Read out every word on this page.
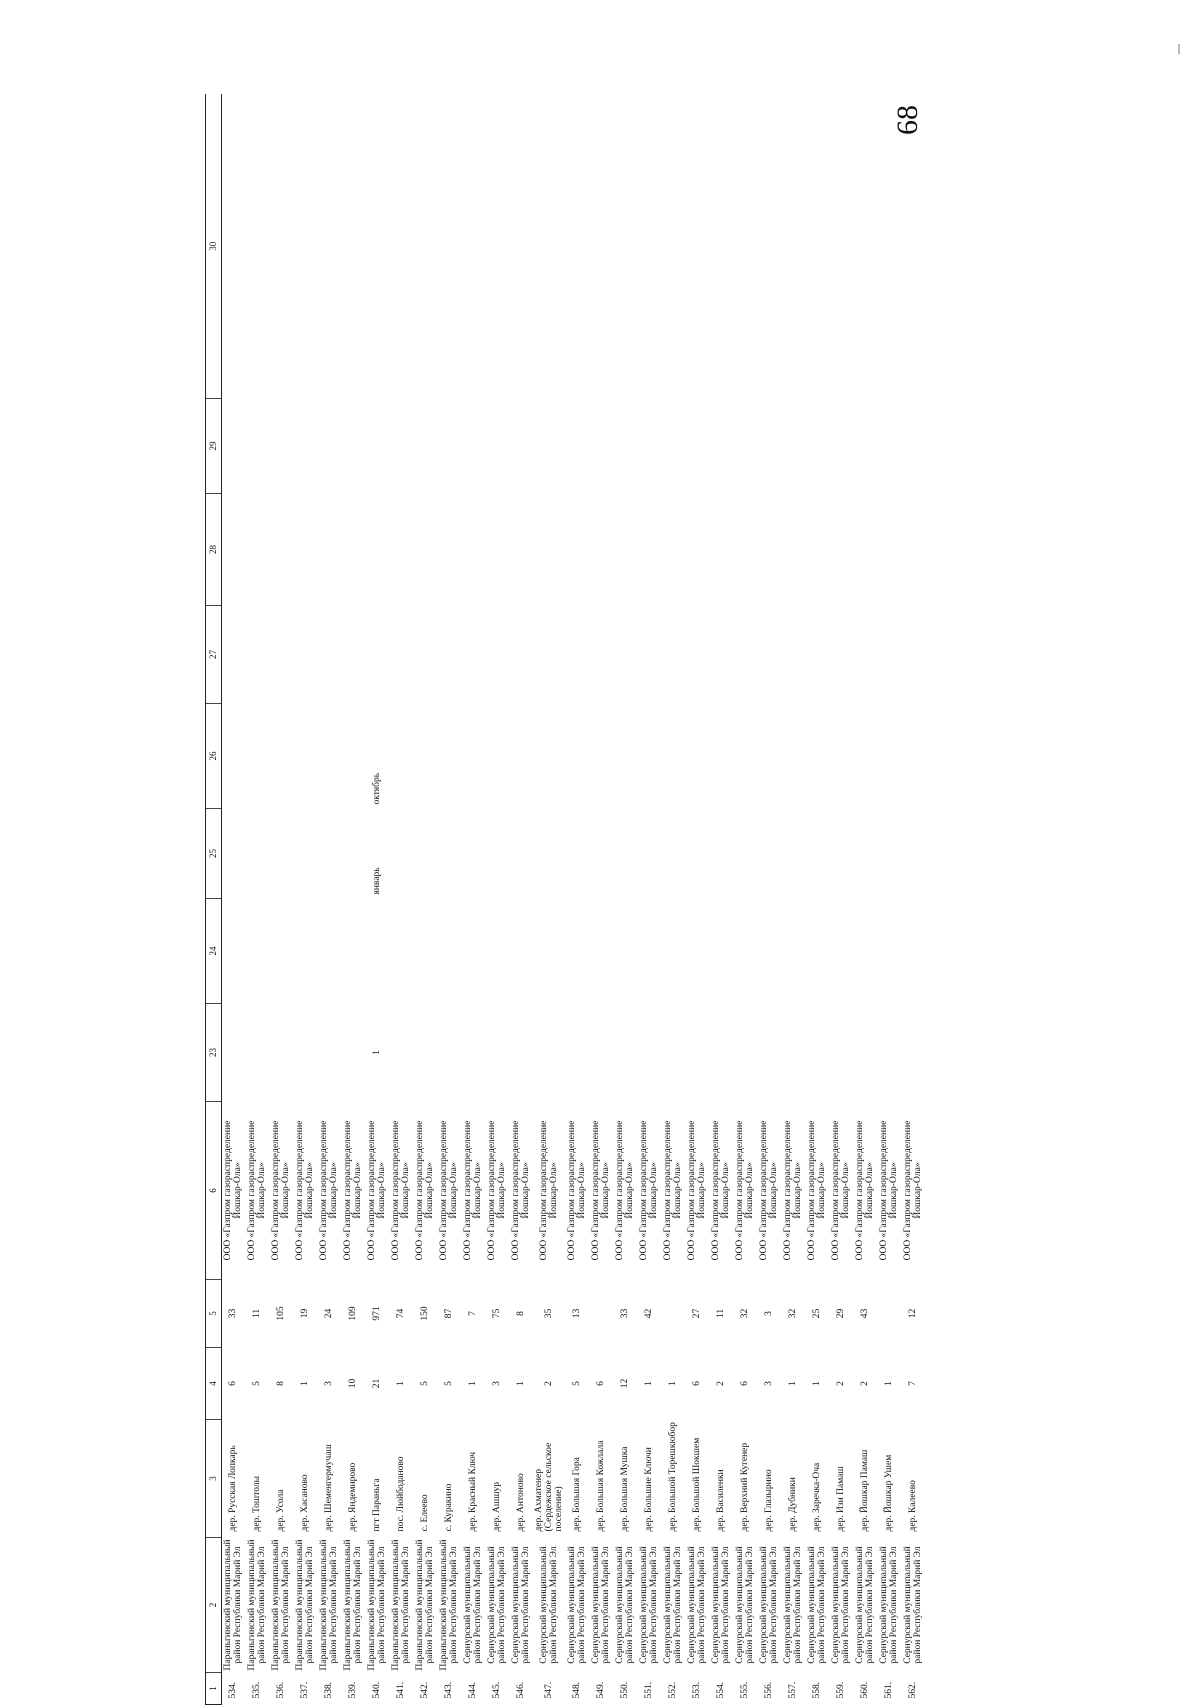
68
1	2	3	4	5	6	23	24	25	26	27	28	29	30
534.	Параньгинский муниципальный район Республики Марий Эл	дер. Русская Лопкарь	6	33	ООО «Газпром газораспределение Йошкар-Ола»								
535.	Параньгинский муниципальный район Республики Марий Эл	дер. Тоштолы	5	11	ООО «Газпром газораспределение Йошкар-Ола»								
536.	Параньгинский муниципальный район Республики Марий Эл	дер. Усола	8	105	ООО «Газпром газораспределение Йошкар-Ола»								
537.	Параньгинский муниципальный район Республики Марий Эл	дер. Хасаново	1	19	ООО «Газпром газораспределение Йошкар-Ола»								
538.	Параньгинский муниципальный район Республики Марий Эл	дер. Шеменгермучаш	3	24	ООО «Газпром газораспределение Йошкар-Ола»								
539.	Параньгинский муниципальный район Республики Марий Эл	дер. Яндемирово	10	109	ООО «Газпром газораспределение Йошкар-Ола»								
540.	Параньгинский муниципальный район Республики Марий Эл	пгт Параньга	21	971	ООО «Газпром газораспределение Йошкар-Ола»	1		январь	октябрь				
541.	Параньгинский муниципальный район Республики Марий Эл	пос. Люйбоданово	1	74	ООО «Газпром газораспределение Йошкар-Ола»								
542.	Параньгинский муниципальный район Республики Марий Эл	с. Елеево	5	150	ООО «Газпром газораспределение Йошкар-Ола»								
543.	Параньгинский муниципальный район Республики Марий Эл	с. Куракино	5	87	ООО «Газпром газораспределение Йошкар-Ола»								
544.	Сернурский муниципальный район Республики Марий Эл	дер. Красный Ключ	1	7	ООО «Газпром газораспределение Йошкар-Ола»								
545.	Сернурский муниципальный район Республики Марий Эл	дер. Ашшур	3	75	ООО «Газпром газораспределение Йошкар-Ола»								
546.	Сернурский муниципальный район Республики Марий Эл	дер. Антоново	1	8	ООО «Газпром газораспределение Йошкар-Ола»								
547.	Сернурский муниципальный район Республики Марий Эл	дер. Ахматенер (Сердежское сельское поселение)	2	35	ООО «Газпром газораспределение Йошкар-Ола»								
548.	Сернурский муниципальный район Республики Марий Эл	дер. Большая Гора	5	13	ООО «Газпром газораспределение Йошкар-Ола»								
549.	Сернурский муниципальный район Республики Марий Эл	дер. Большая Кожлала	6		ООО «Газпром газораспределение Йошкар-Ола»								
550.	Сернурский муниципальный район Республики Марий Эл	дер. Большая Мушка	12	33	ООО «Газпром газораспределение Йошкар-Ола»								
551.	Сернурский муниципальный район Республики Марий Эл	дер. Большие Ключи	1	42	ООО «Газпром газораспределение Йошкар-Ола»								
552.	Сернурский муниципальный район Республики Марий Эл	дер. Большой Торешкюбор	1		ООО «Газпром газораспределение Йошкар-Ола»								
553.	Сернурский муниципальный район Республики Марий Эл	дер. Большой Шокшем	6	27	ООО «Газпром газораспределение Йошкар-Ола»								
554.	Сернурский муниципальный район Республики Марий Эл	дер. Василенки	2	11	ООО «Газпром газораспределение Йошкар-Ола»								
555.	Сернурский муниципальный район Республики Марий Эл	дер. Верхний Кугенер	6	32	ООО «Газпром газораспределение Йошкар-Ола»								
556.	Сернурский муниципальный район Республики Марий Эл	дер. Глазырино	3	3	ООО «Газпром газораспределение Йошкар-Ола»								
557.	Сернурский муниципальный район Республики Марий Эл	дер. Дубники	1	32	ООО «Газпром газораспределение Йошкар-Ола»								
558.	Сернурский муниципальный район Республики Марий Эл	дер. Заречка-Оча	1	25	ООО «Газпром газораспределение Йошкар-Ола»								
559.	Сернурский муниципальный район Республики Марий Эл	дер. Изи Памаш	2	29	ООО «Газпром газораспределение Йошкар-Ола»								
560.	Сернурский муниципальный район Республики Марий Эл	дер. Йошкар Памаш	2	43	ООО «Газпром газораспределение Йошкар-Ола»								
561.	Сернурский муниципальный район Республики Марий Эл	дер. Йошкар Ушем	1		ООО «Газпром газораспределение Йошкар-Ола»								
562.	Сернурский муниципальный район Республики Марий Эл	дер. Калеево	7	12	ООО «Газпром газораспределение Йошкар-Ола»								
